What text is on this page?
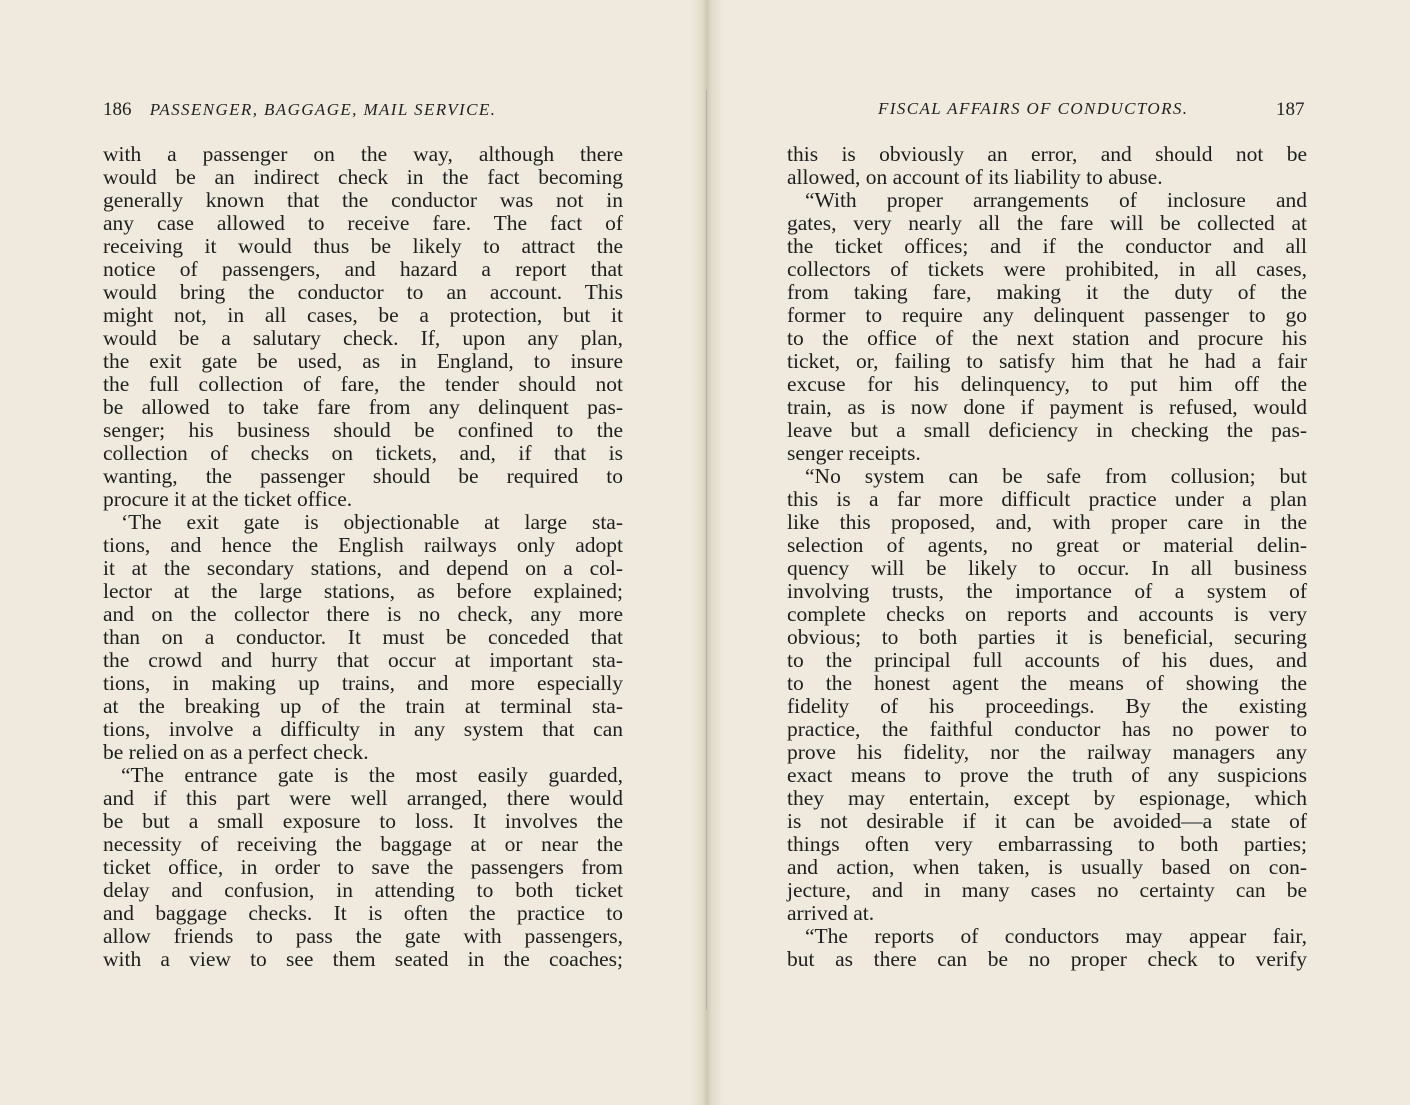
186 PASSENGER, BAGGAGE, MAIL SERVICE.	FISCAL AFFAIRS OF CONDUCTORS.	187
with a passenger on the way, although there
would be an indirect check in the fact becoming
generally known that the conductor was not in
any case allowed to receive fare. The fact of
receiving it would thus be likely to attract the
notice of passengers, and hazard a report that
would bring the conductor to an account. This
might not, in all cases, be a protection, but it
would be a salutary check. If, upon any plan,
the exit gate be used, as in England, to insure
the full collection of fare, the tender should not
be allowed to take fare from any delinquent pas-
senger; his business should be confined to the
collection of checks on tickets, and, if that is
wanting, the passenger should be required to
procure it at the ticket office.
‘The exit gate is objectionable at large sta-
tions, and hence the English railways only adopt
it at the secondary stations, and depend on a col-
lector at the large stations, as before explained;
and on the collector there is no check, any more
than on a conductor. It must be conceded that
the crowd and hurry that occur at important sta-
tions, in making up trains, and more especially
at the breaking up of the train at terminal sta-
tions, involve a difficulty in any system that can
be relied on as a perfect check.
“The entrance gate is the most easily guarded,
and if this part were well arranged, there would
be but a small exposure to loss. It involves the
necessity of receiving the baggage at or near the
ticket office, in order to save the passengers from
delay and confusion, in attending to both ticket
and baggage checks. It is often the practice to
allow friends to pass the gate with passengers,
with a view to see them seated in the coaches;
this is obviously an error, and should not be
allowed, on account of its liability to abuse.
“With proper arrangements of inclosure and
gates, very nearly all the fare will be collected at
the ticket offices; and if the conductor and all
collectors of tickets were prohibited, in all cases,
from taking fare, making it the duty of the
former to require any delinquent passenger to go
to the office of the next station and procure his
ticket, or, failing to satisfy him that he had a fair
excuse for his delinquency, to put him off the
train, as is now done if payment is refused, would
leave but a small deficiency in checking the pas-
senger receipts.
“No system can be safe from collusion; but
this is a far more difficult practice under a plan
like this proposed, and, with proper care in the
selection of agents, no great or material delin-
quency will be likely to occur. In all business
involving trusts, the importance of a system of
complete checks on reports and accounts is very
obvious; to both parties it is beneficial, securing
to the principal full accounts of his dues, and
to the honest agent the means of showing the
fidelity of his proceedings. By the existing
practice, the faithful conductor has no power to
prove his fidelity, nor the railway managers any
exact means to prove the truth of any suspicions
they may entertain, except by espionage, which
is not desirable if it can be avoided—a state of
things often very embarrassing to both parties;
and action, when taken, is usually based on con-
jecture, and in many cases no certainty can be
arrived at.
“The reports of conductors may appear fair,
but as there can be no proper check to verify
